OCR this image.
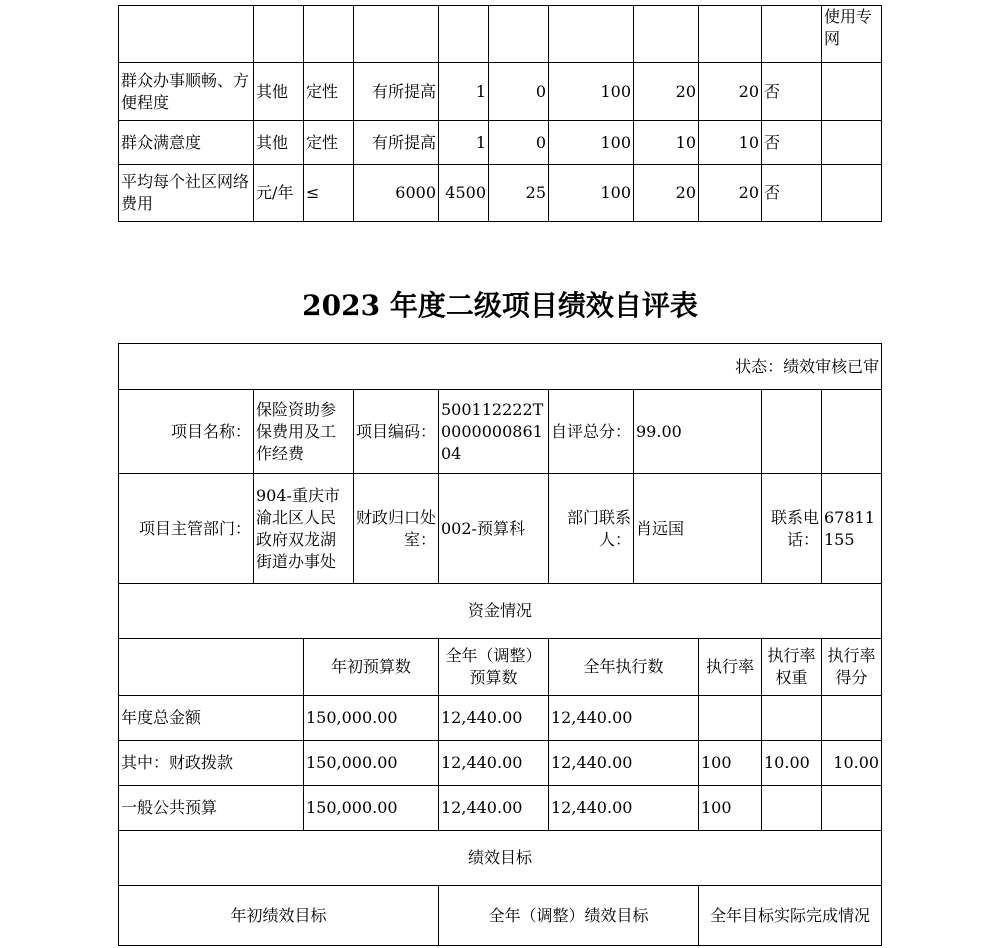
										使用专网
群众办事顺畅、方便程度	其他	定性	有所提高	1	0	100	20	20	否	
群众满意度	其他	定性	有所提高	1	0	100	10	10	否	
平均每个社区网络费用	元/年	≤	6000	4500	25	100	20	20	否	
2023 年度二级项目绩效自评表
状态：绩效审核已审									
项目名称：	保险资助参保费用及工作经费		项目编码：	500112222T000000086104	自评总分：	99.00			
项目主管部门：	904-重庆市渝北区人民政府双龙湖街道办事处		财政归口处室：	002-预算科	部门联系人：	肖远国		联系电话：	67811155
资金情况									
		年初预算数		全年（调整）预算数	全年执行数		执行率	执行率权重	执行率得分
年度总金额		150,000.00		12,440.00	12,440.00				
其中：财政拨款		150,000.00		12,440.00	12,440.00		100	10.00	10.00
一般公共预算		150,000.00		12,440.00	12,440.00		100		
绩效目标									
年初绩效目标				全年（调整）绩效目标			全年目标实际完成情况		
